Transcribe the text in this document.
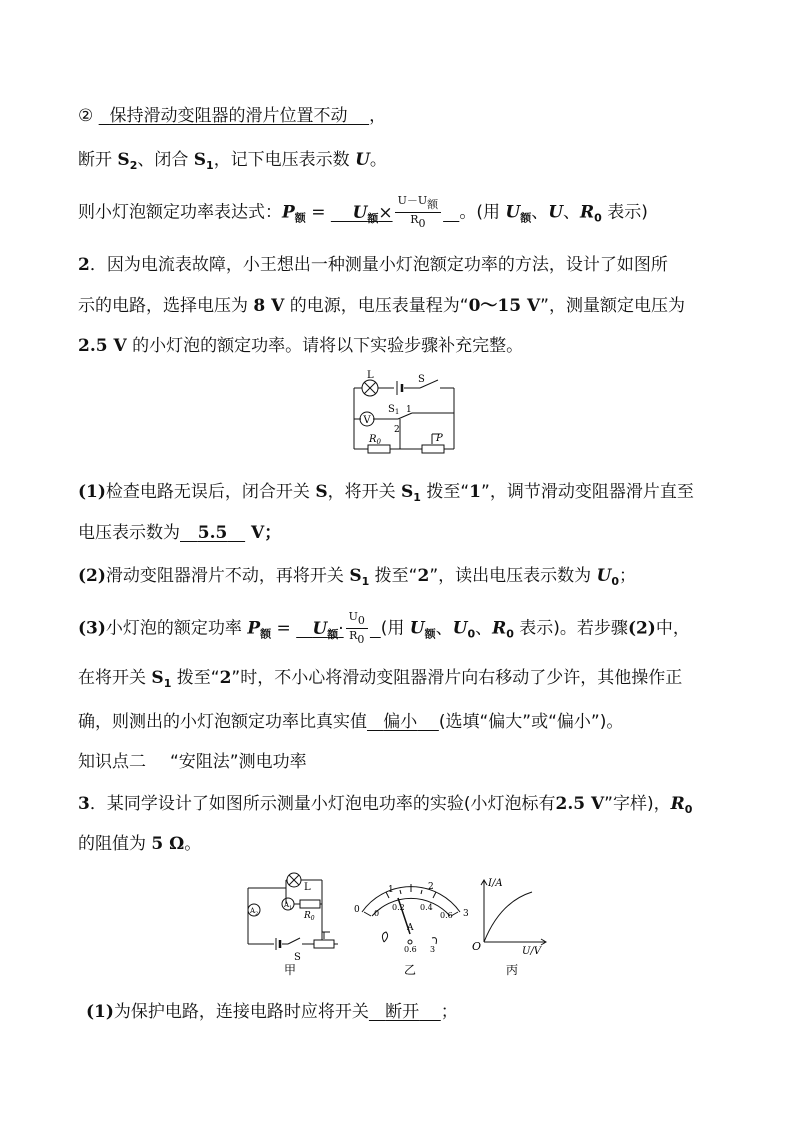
② 保持滑动变阻器的滑片位置不动 ，
断开 $S_2$、闭合 $S_1$，记下电压表示数 U。
则小灯泡额定功率表达式：$P_额$ =     $U_额\times \frac{U-U_额}{R_0}$ 。(用 $U_额$、U、$R_0$ 表示)
2．因为电流表故障，小王想出一种测量小灯泡额定功率的方法，设计了如图所
示的电路，选择电压为 8 V 的电源，电压表量程为“0～15 V”，测量额定电压为
2.5 V 的小灯泡的额定功率。请将以下实验步骤补充完整。
V
L	S
$S_1$ 1
2
$R_0$	P
(1)检查电路无误后，闭合开关 S，将开关 $S_1$ 拨至“1”，调节滑动变阻器滑片直至
电压表示数为 5.5 V；
(2)滑动变阻器滑片不动，再将开关 $S_1$ 拨至“2”，读出电压表示数为 $U_0$；
(3)小灯泡的额定功率 $P_额$ =    $U_额\cdot \frac{U_0}{R_0}$ (用 $U_额$、$U_0$、$R_0$ 表示)。若步骤(2)中，
在将开关 $S_1$ 拨至“2”时，不小心将滑动变阻器滑片向右移动了少许，其他操作正
确，则测出的小灯泡额定功率比真实值 偏小 (选填“偏大”或“偏小”)。
知识点二 “安阻法”测电功率
3．某同学设计了如图所示测量小灯泡电功率的实验(小灯泡标有2.5 V”字样)，$R_0$
的阻值为 5 Ω。
L
$A_1$
$A_2$	$R_0$
S
甲
1	2
0	3
0
0.2 0.4
0.6
A
0.6 3
乙
I/A
U/V
O
丙
(1)为保护电路，连接电路时应将开关 断开 ；
